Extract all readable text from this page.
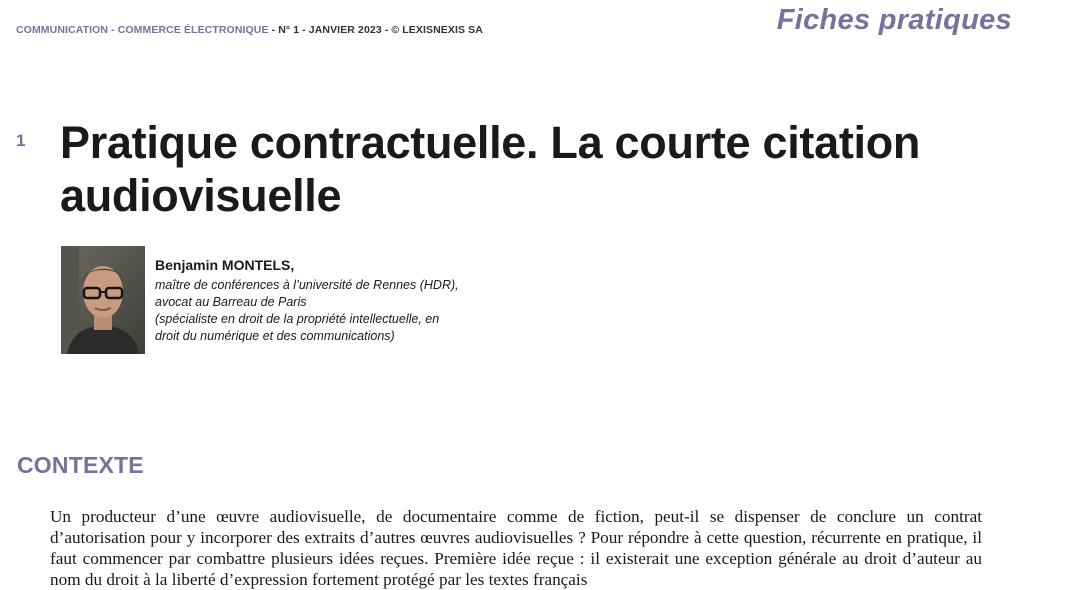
COMMUNICATION - COMMERCE ÉLECTRONIQUE - N° 1 - JANVIER 2023 - © LEXISNEXIS SA	Fiches pratiques
1 Pratique contractuelle. La courte citation audiovisuelle
Benjamin MONTELS,
maître de conférences à l’université de Rennes (HDR),
avocat au Barreau de Paris
(spécialiste en droit de la propriété intellectuelle, en
droit du numérique et des communications)
CONTEXTE

Un producteur d’une œuvre audiovisuelle, de documentaire comme de fiction, peut-il se dispenser de conclure un contrat d’autorisation pour y incorporer des extraits d’autres œuvres audiovisuelles ? Pour répondre à cette question, récurrente en pratique, il faut commencer par combattre plusieurs idées reçues. Première idée reçue : il existerait une exception générale au droit d’auteur au nom du droit à la liberté d’expression fortement protégé par les textes français
